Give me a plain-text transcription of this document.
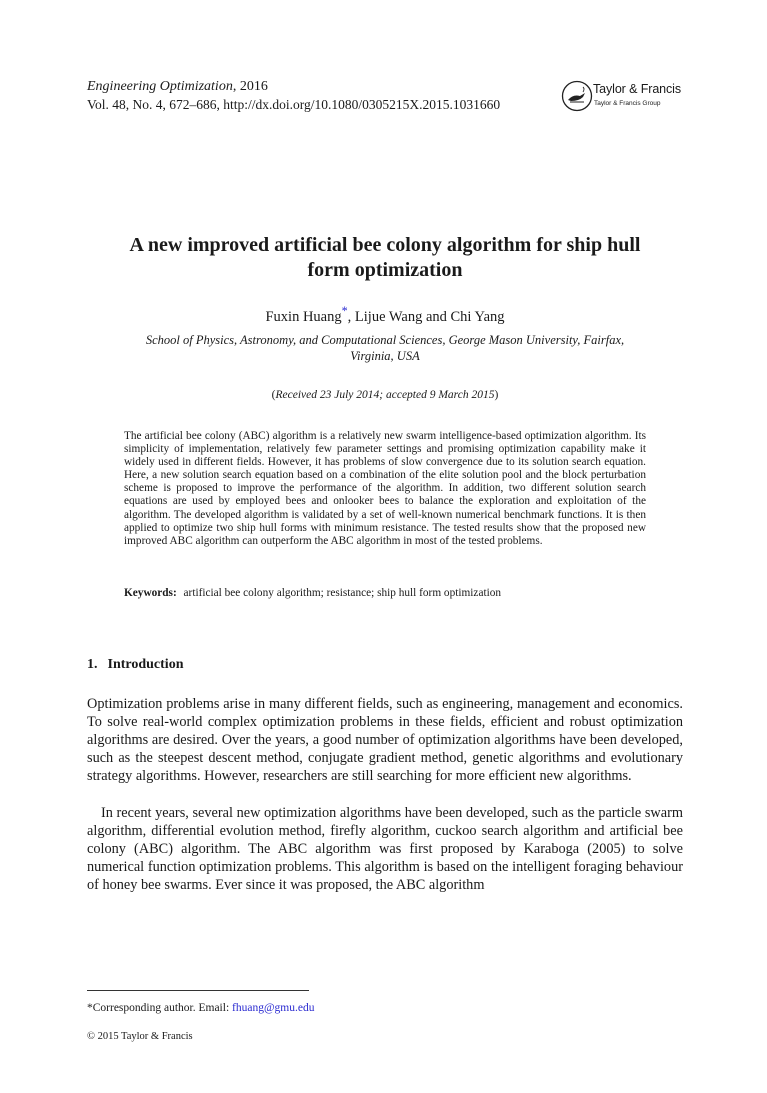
Engineering Optimization, 2016
Vol. 48, No. 4, 672–686, http://dx.doi.org/10.1080/0305215X.2015.1031660
Taylor & Francis
Taylor & Francis Group
A new improved artificial bee colony algorithm for ship hull
form optimization
Fuxin Huang*, Lijue Wang and Chi Yang
School of Physics, Astronomy, and Computational Sciences, George Mason University, Fairfax,
Virginia, USA
(Received 23 July 2014; accepted 9 March 2015)

The artificial bee colony (ABC) algorithm is a relatively new swarm intelligence-based optimization algorithm. Its simplicity of implementation, relatively few parameter settings and promising optimization capability make it widely used in different fields. However, it has problems of slow convergence due to its solution search equation. Here, a new solution search equation based on a combination of the elite solution pool and the block perturbation scheme is proposed to improve the performance of the algorithm. In addition, two different solution search equations are used by employed bees and onlooker bees to balance the exploration and exploitation of the algorithm. The developed algorithm is validated by a set of well-known numerical benchmark functions. It is then applied to optimize two ship hull forms with minimum resistance. The tested results show that the proposed new improved ABC algorithm can outperform the ABC algorithm in most of the tested problems.

Keywords: artificial bee colony algorithm; resistance; ship hull form optimization
1. Introduction

Optimization problems arise in many different fields, such as engineering, management and economics. To solve real-world complex optimization problems in these fields, efficient and robust optimization algorithms are desired. Over the years, a good number of optimization algorithms have been developed, such as the steepest descent method, conjugate gradient method, genetic algorithms and evolutionary strategy algorithms. However, researchers are still searching for more efficient new algorithms.

In recent years, several new optimization algorithms have been developed, such as the particle swarm algorithm, differential evolution method, firefly algorithm, cuckoo search algorithm and artificial bee colony (ABC) algorithm. The ABC algorithm was first proposed by Karaboga (2005) to solve numerical function optimization problems. This algorithm is based on the intelligent foraging behaviour of honey bee swarms. Ever since it was proposed, the ABC algorithm

*Corresponding author. Email: fhuang@gmu.edu
© 2015 Taylor & Francis
